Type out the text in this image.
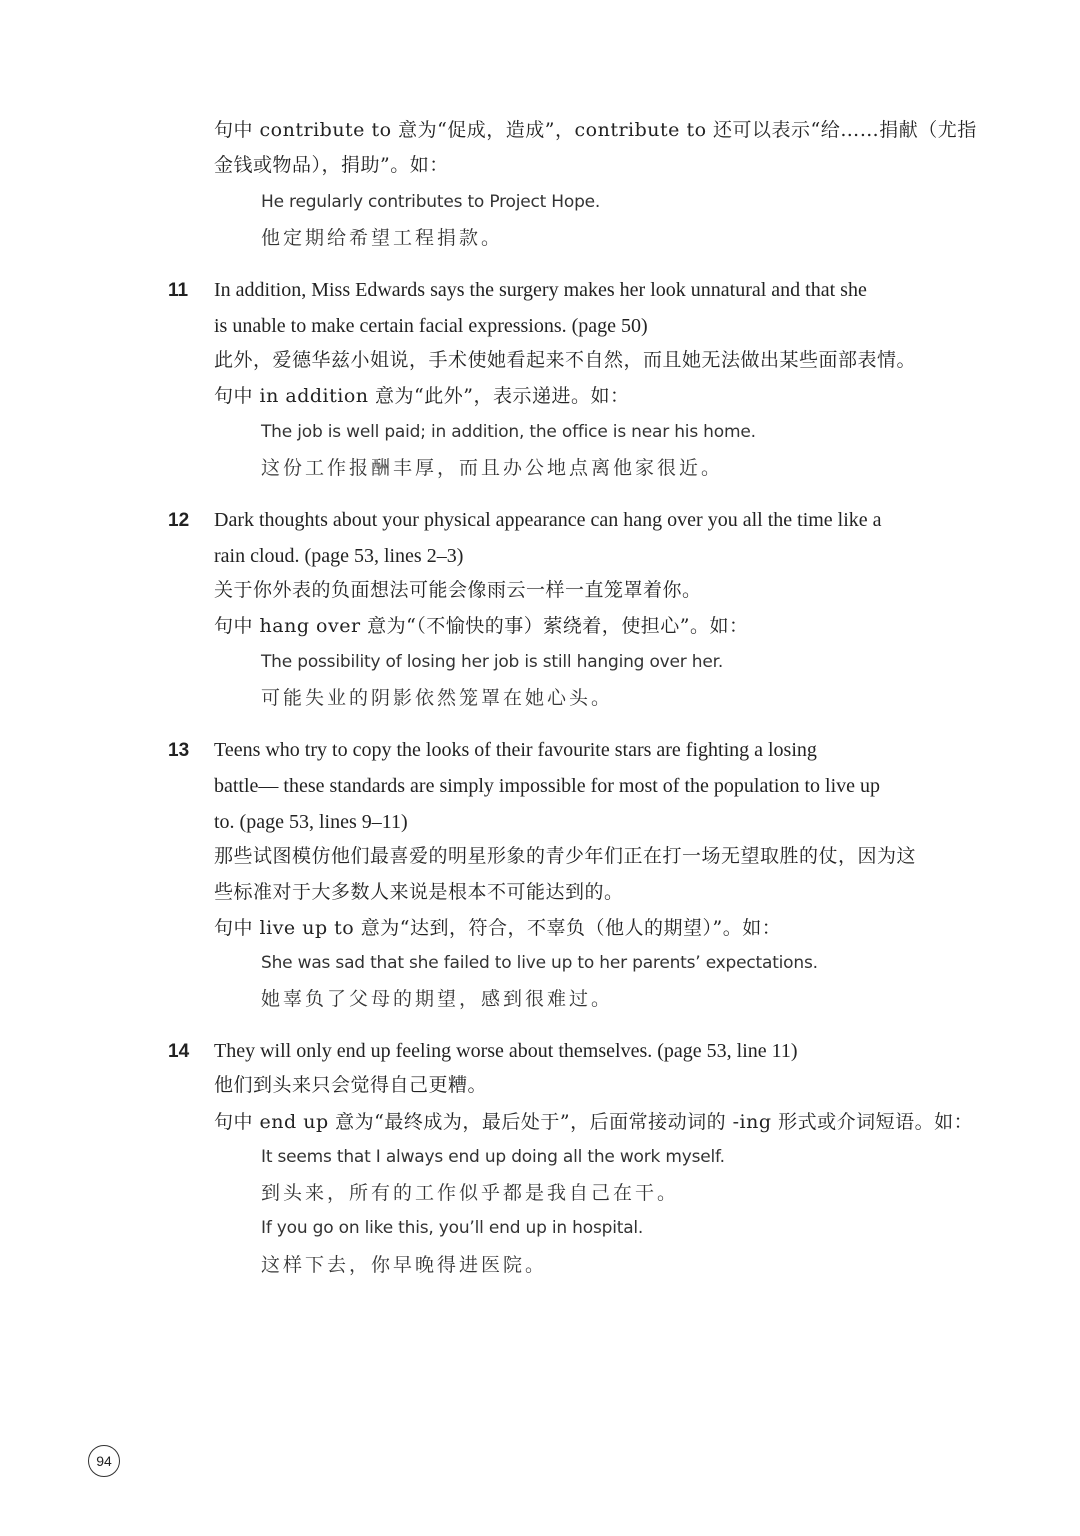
句中 contribute to 意为“促成，造成”，contribute to 还可以表示“给……捐献（尤指
金钱或物品），捐助”。如：
He regularly contributes to Project Hope.
他定期给希望工程捐款。
11 In addition, Miss Edwards says the surgery makes her look unnatural and that she
is unable to make certain facial expressions. (page 50)
此外，爱德华兹小姐说，手术使她看起来不自然，而且她无法做出某些面部表情。
句中 in addition 意为“此外”，表示递进。如：
The job is well paid; in addition, the office is near his home.
这份工作报酬丰厚，而且办公地点离他家很近。
12 Dark thoughts about your physical appearance can hang over you all the time like a
rain cloud. (page 53, lines 2–3)
关于你外表的负面想法可能会像雨云一样一直笼罩着你。
句中 hang over 意为“（不愉快的事）萦绕着，使担心”。如：
The possibility of losing her job is still hanging over her.
可能失业的阴影依然笼罩在她心头。
13 Teens who try to copy the looks of their favourite stars are fighting a losing
battle— these standards are simply impossible for most of the population to live up
to. (page 53, lines 9–11)
那些试图模仿他们最喜爱的明星形象的青少年们正在打一场无望取胜的仗，因为这
些标准对于大多数人来说是根本不可能达到的。
句中 live up to 意为“达到，符合，不辜负（他人的期望）”。如：
She was sad that she failed to live up to her parents’ expectations.
她辜负了父母的期望，感到很难过。
14 They will only end up feeling worse about themselves. (page 53, line 11)
他们到头来只会觉得自己更糟。
句中 end up 意为“最终成为，最后处于”，后面常接动词的 -ing 形式或介词短语。如：
It seems that I always end up doing all the work myself.
到头来，所有的工作似乎都是我自己在干。
If you go on like this, you’ll end up in hospital.
这样下去，你早晚得进医院。
94
